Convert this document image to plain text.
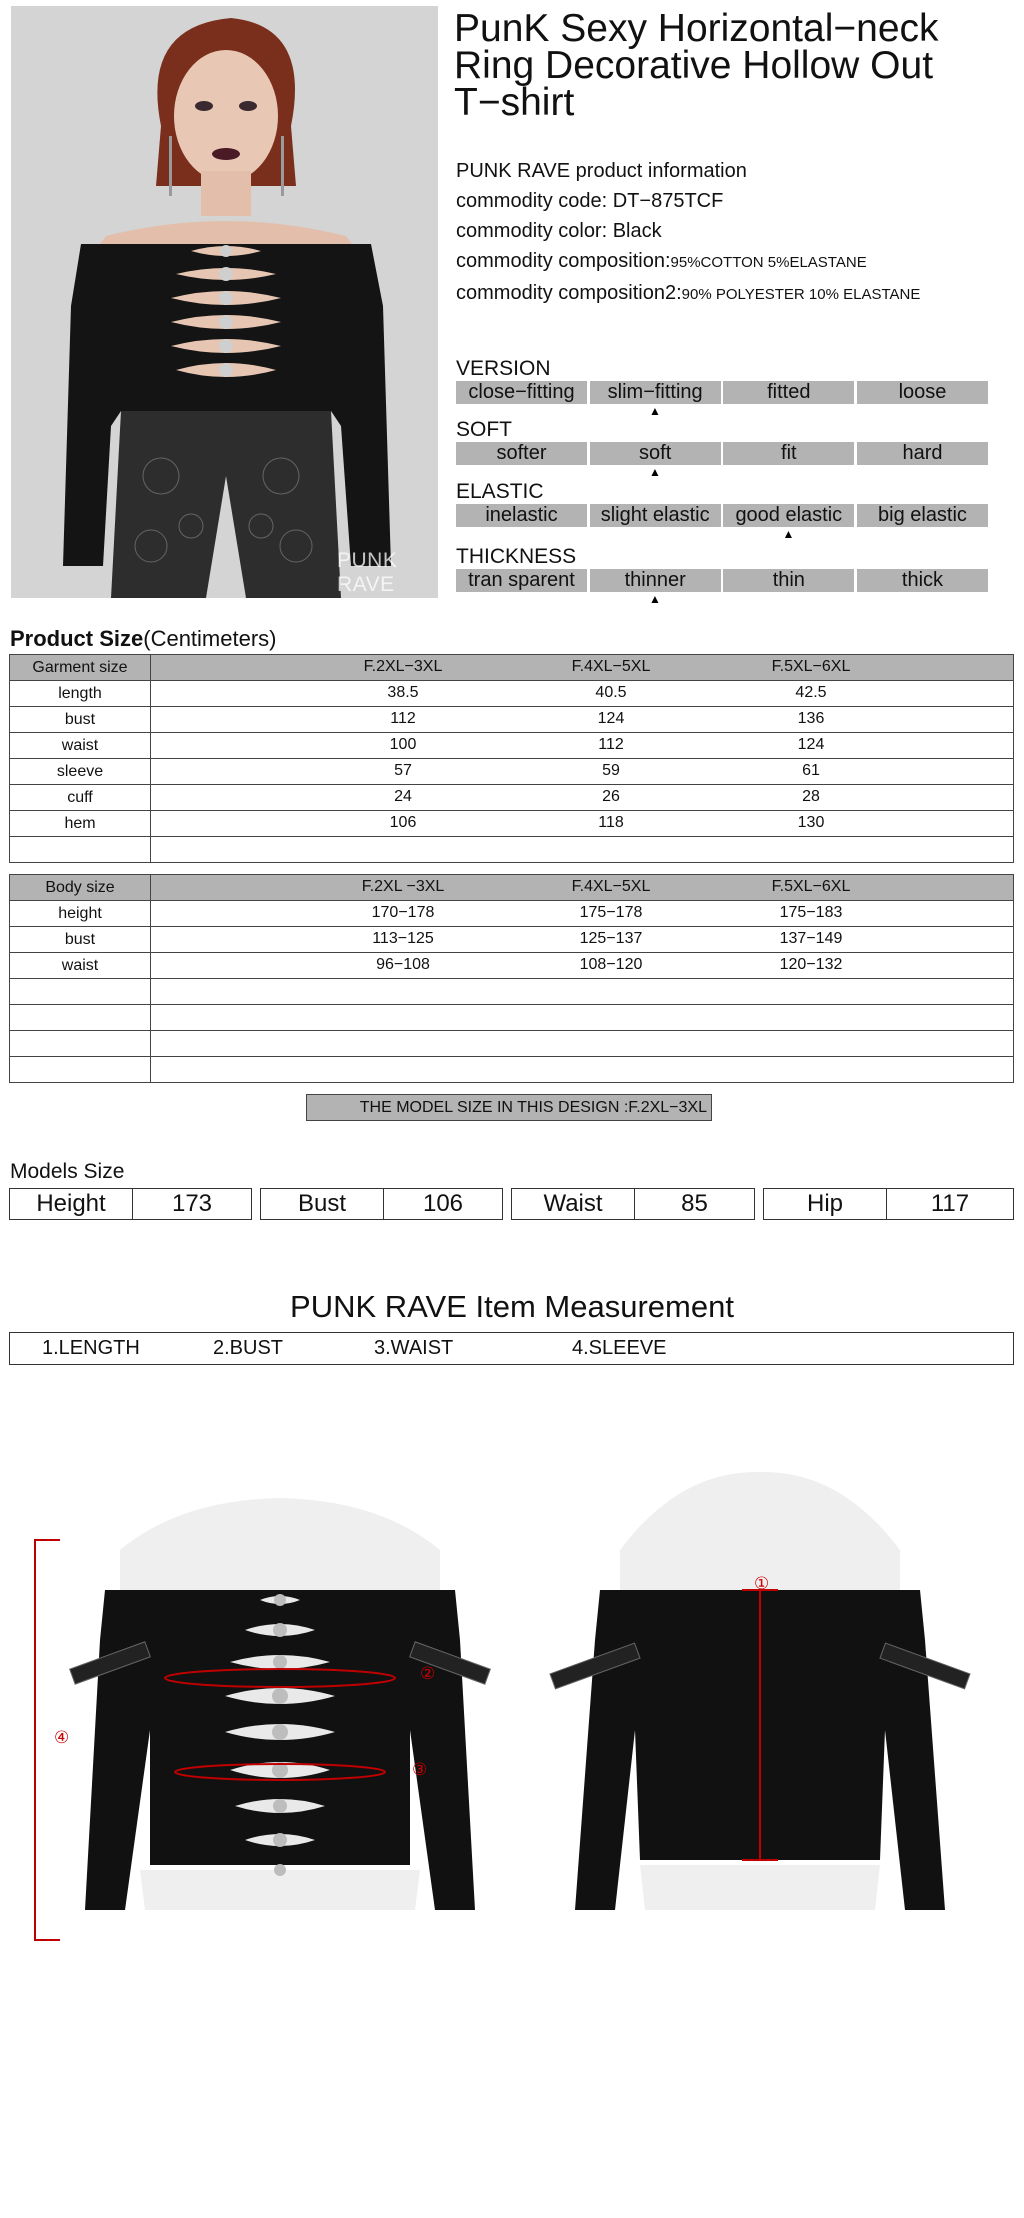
PUNK RAVE
PunK Sexy Horizontal−neck Ring Decorative Hollow Out T−shirt
PUNK RAVE product information
commodity code: DT−875TCF
commodity color: Black
commodity composition:95%COTTON 5%ELASTANE
commodity composition2:90% POLYESTER 10% ELASTANE
VERSION
close−fitting	slim−fitting	fitted	loose
▲
SOFT
softer	soft	fit	hard
▲
ELASTIC
inelastic	slight elastic	good elastic	big elastic
▲
THICKNESS
tran sparent	thinner	thin	thick
▲
Product Size(Centimeters)
Garment size	F.2XL−3XL F.4XL−5XL F.5XL−6XL

length	38.5 40.5 42.5

bust	112 124 136

waist	100 112 124

sleeve	57 59 61

cuff	24 26 28

hem	106 118 130

Body size	F.2XL −3XL F.4XL−5XL F.5XL−6XL

height	170−178 175−178 175−183

bust	113−125 125−137 137−149

waist	96−108 108−120 120−132

THE MODEL SIZE IN THIS DESIGN :F.2XL−3XL
Models Size
Height	173	Bust	106	Waist	85	Hip	117
PUNK RAVE Item Measurement
1.LENGTH	2.BUST	3.WAIST	4.SLEEVE
①
②
③
④
